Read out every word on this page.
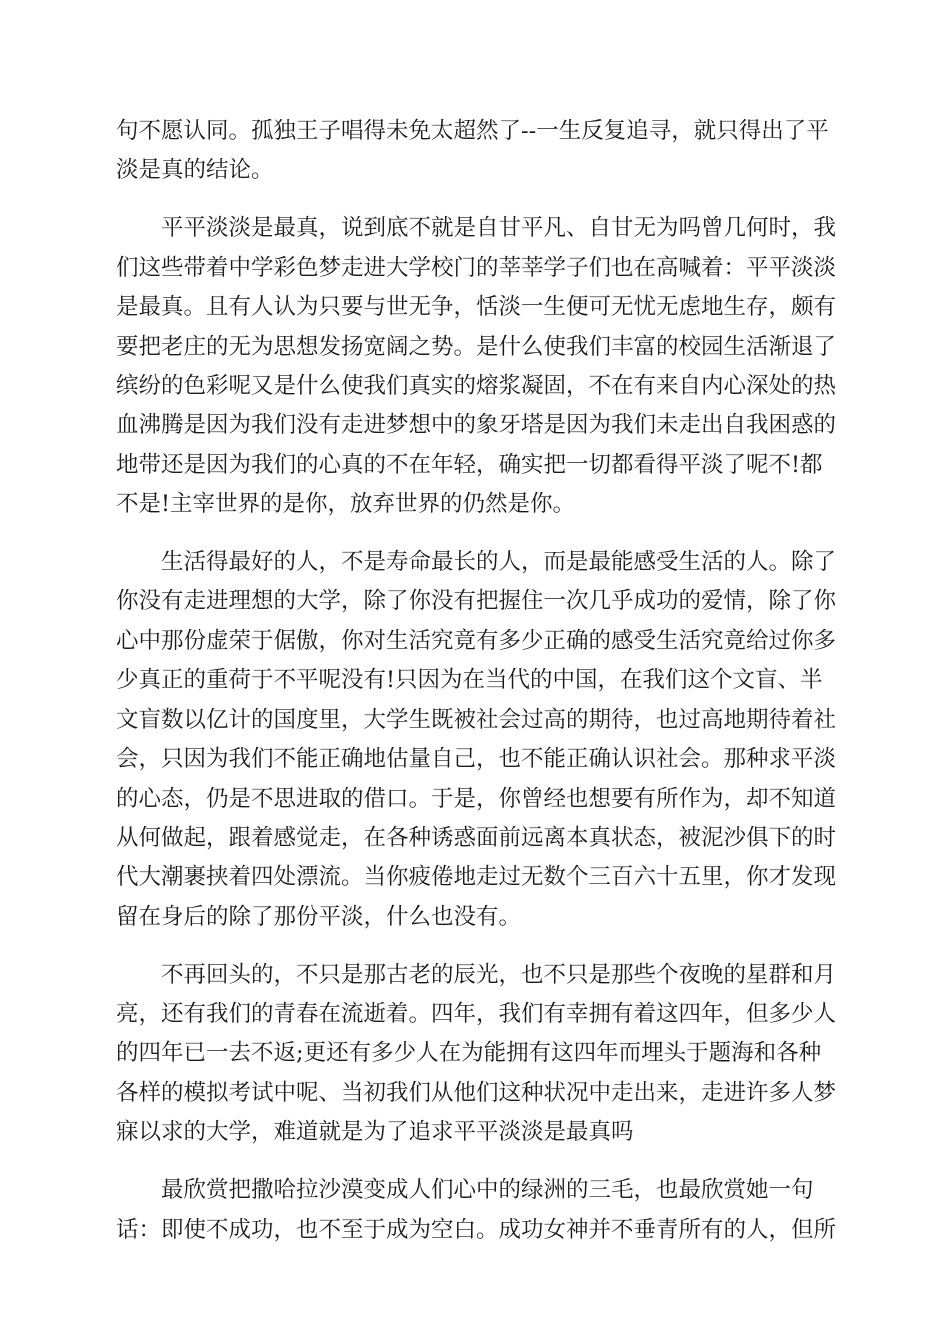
句不愿认同。孤独王子唱得未免太超然了--一生反复追寻，就只得出了平
淡是真的结论。

　　平平淡淡是最真，说到底不就是自甘平凡、自甘无为吗曾几何时，我
们这些带着中学彩色梦走进大学校门的莘莘学子们也在高喊着：平平淡淡
是最真。且有人认为只要与世无争，恬淡一生便可无忧无虑地生存，颇有
要把老庄的无为思想发扬宽阔之势。是什么使我们丰富的校园生活渐退了
缤纷的色彩呢又是什么使我们真实的熔浆凝固，不在有来自内心深处的热
血沸腾是因为我们没有走进梦想中的象牙塔是因为我们未走出自我困惑的
地带还是因为我们的心真的不在年轻，确实把一切都看得平淡了呢不!都
不是!主宰世界的是你，放弃世界的仍然是你。

　　生活得最好的人，不是寿命最长的人，而是最能感受生活的人。除了
你没有走进理想的大学，除了你没有把握住一次几乎成功的爱情，除了你
心中那份虚荣于倨傲，你对生活究竟有多少正确的感受生活究竟给过你多
少真正的重荷于不平呢没有!只因为在当代的中国，在我们这个文盲、半
文盲数以亿计的国度里，大学生既被社会过高的期待，也过高地期待着社
会，只因为我们不能正确地估量自己，也不能正确认识社会。那种求平淡
的心态，仍是不思进取的借口。于是，你曾经也想要有所作为，却不知道
从何做起，跟着感觉走，在各种诱惑面前远离本真状态，被泥沙俱下的时
代大潮裹挟着四处漂流。当你疲倦地走过无数个三百六十五里，你才发现
留在身后的除了那份平淡，什么也没有。

　　不再回头的，不只是那古老的辰光，也不只是那些个夜晚的星群和月
亮，还有我们的青春在流逝着。四年，我们有幸拥有着这四年，但多少人
的四年已一去不返;更还有多少人在为能拥有这四年而埋头于题海和各种
各样的模拟考试中呢、当初我们从他们这种状况中走出来，走进许多人梦
寐以求的大学，难道就是为了追求平平淡淡是最真吗

　　最欣赏把撒哈拉沙漠变成人们心中的绿洲的三毛，也最欣赏她一句
话：即使不成功，也不至于成为空白。成功女神并不垂青所有的人，但所
